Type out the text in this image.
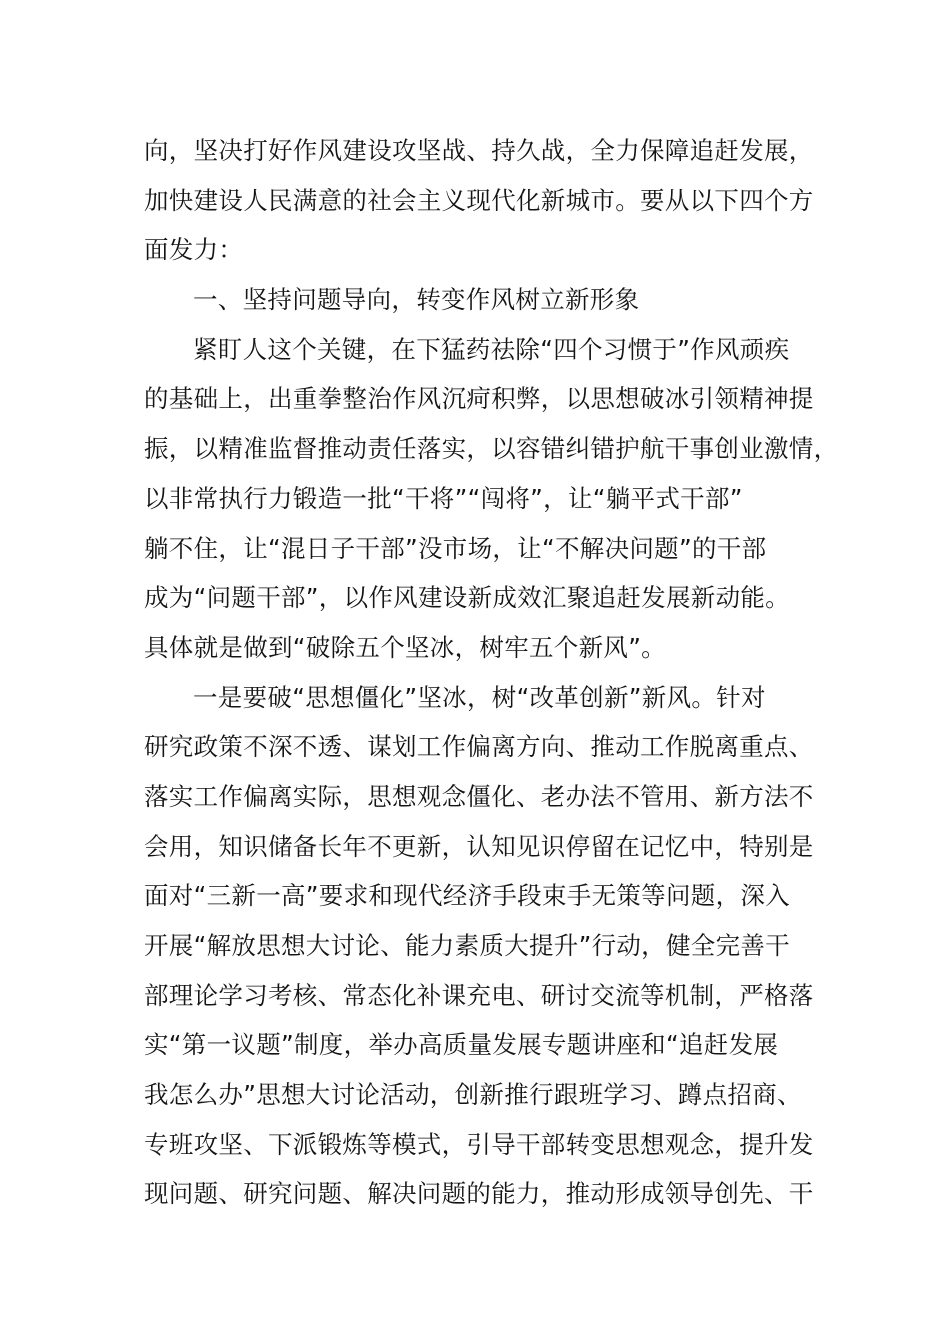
向，坚决打好作风建设攻坚战、持久战，全力保障追赶发展，
加快建设人民满意的社会主义现代化新城市。要从以下四个方
面发力：
一、坚持问题导向，转变作风树立新形象
紧盯人这个关键，在下猛药祛除“四个习惯于”作风顽疾
的基础上，出重拳整治作风沉疴积弊，以思想破冰引领精神提
振，以精准监督推动责任落实，以容错纠错护航干事创业激情，
以非常执行力锻造一批“干将”“闯将”，让“躺平式干部”
躺不住，让“混日子干部”没市场，让“不解决问题”的干部
成为“问题干部”，以作风建设新成效汇聚追赶发展新动能。
具体就是做到“破除五个坚冰，树牢五个新风”。
一是要破“思想僵化”坚冰，树“改革创新”新风。针对
研究政策不深不透、谋划工作偏离方向、推动工作脱离重点、
落实工作偏离实际，思想观念僵化、老办法不管用、新方法不
会用，知识储备长年不更新，认知见识停留在记忆中，特别是
面对“三新一高”要求和现代经济手段束手无策等问题，深入
开展“解放思想大讨论、能力素质大提升”行动，健全完善干
部理论学习考核、常态化补课充电、研讨交流等机制，严格落
实“第一议题”制度，举办高质量发展专题讲座和“追赶发展
我怎么办”思想大讨论活动，创新推行跟班学习、蹲点招商、
专班攻坚、下派锻炼等模式，引导干部转变思想观念，提升发
现问题、研究问题、解决问题的能力，推动形成领导创先、干
